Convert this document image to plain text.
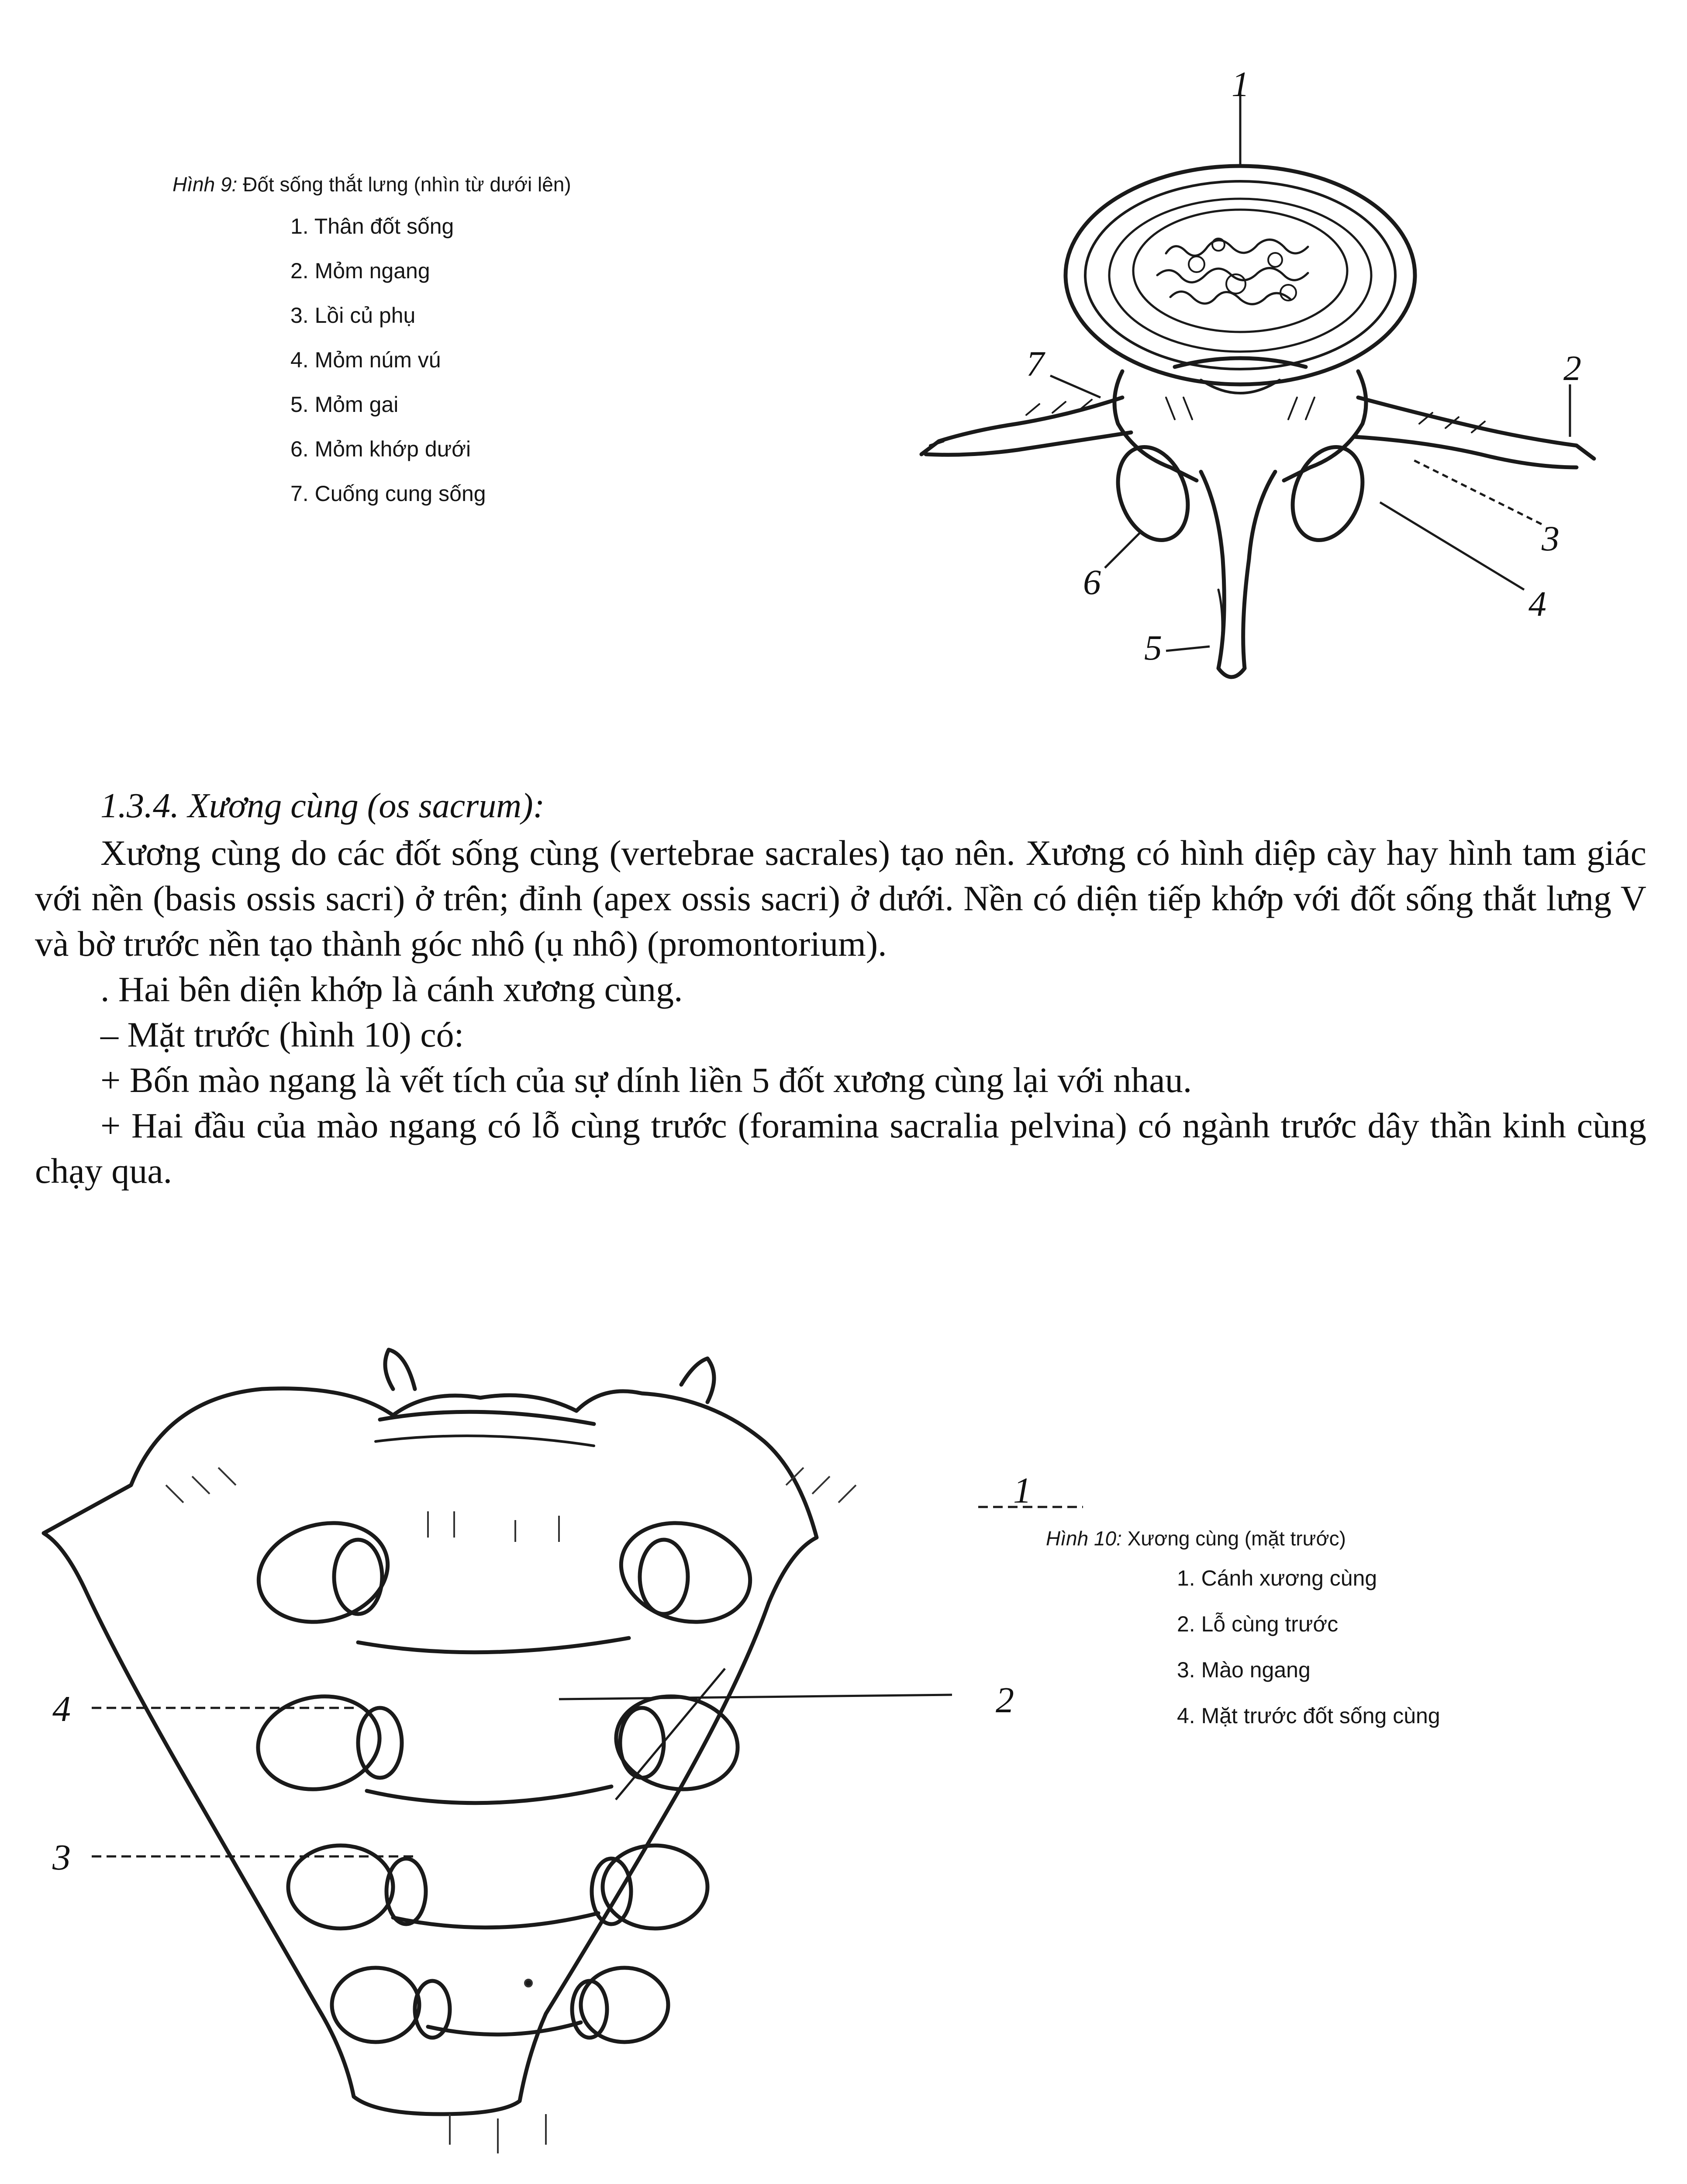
Hình 9: Đốt sống thắt lưng (nhìn từ dưới lên)
1. Thân đốt sống
2. Mỏm ngang
3. Lồi củ phụ
4. Mỏm núm vú
5. Mỏm gai
6. Mỏm khớp dưới
7. Cuống cung sống
1
2
3
4
5
6
7

1.3.4. Xương cùng (os sacrum):

Xương cùng do các đốt sống cùng (vertebrae sacrales) tạo nên. Xương có hình diệp cày hay hình tam giác với nền (basis ossis sacri) ở trên; đỉnh (apex ossis sacri) ở dưới. Nền có diện tiếp khớp với đốt sống thắt lưng V và bờ trước nền tạo thành góc nhô (ụ nhô) (promontorium).

. Hai bên diện khớp là cánh xương cùng.

– Mặt trước (hình 10) có:

+ Bốn mào ngang là vết tích của sự dính liền 5 đốt xương cùng lại với nhau.

+ Hai đầu của mào ngang có lỗ cùng trước (foramina sacralia pelvina) có ngành trước dây thần kinh cùng chạy qua.

1
2
3
4
Hình 10: Xương cùng (mặt trước)
1. Cánh xương cùng
2. Lỗ cùng trước
3. Mào ngang
4. Mặt trước đốt sống cùng
